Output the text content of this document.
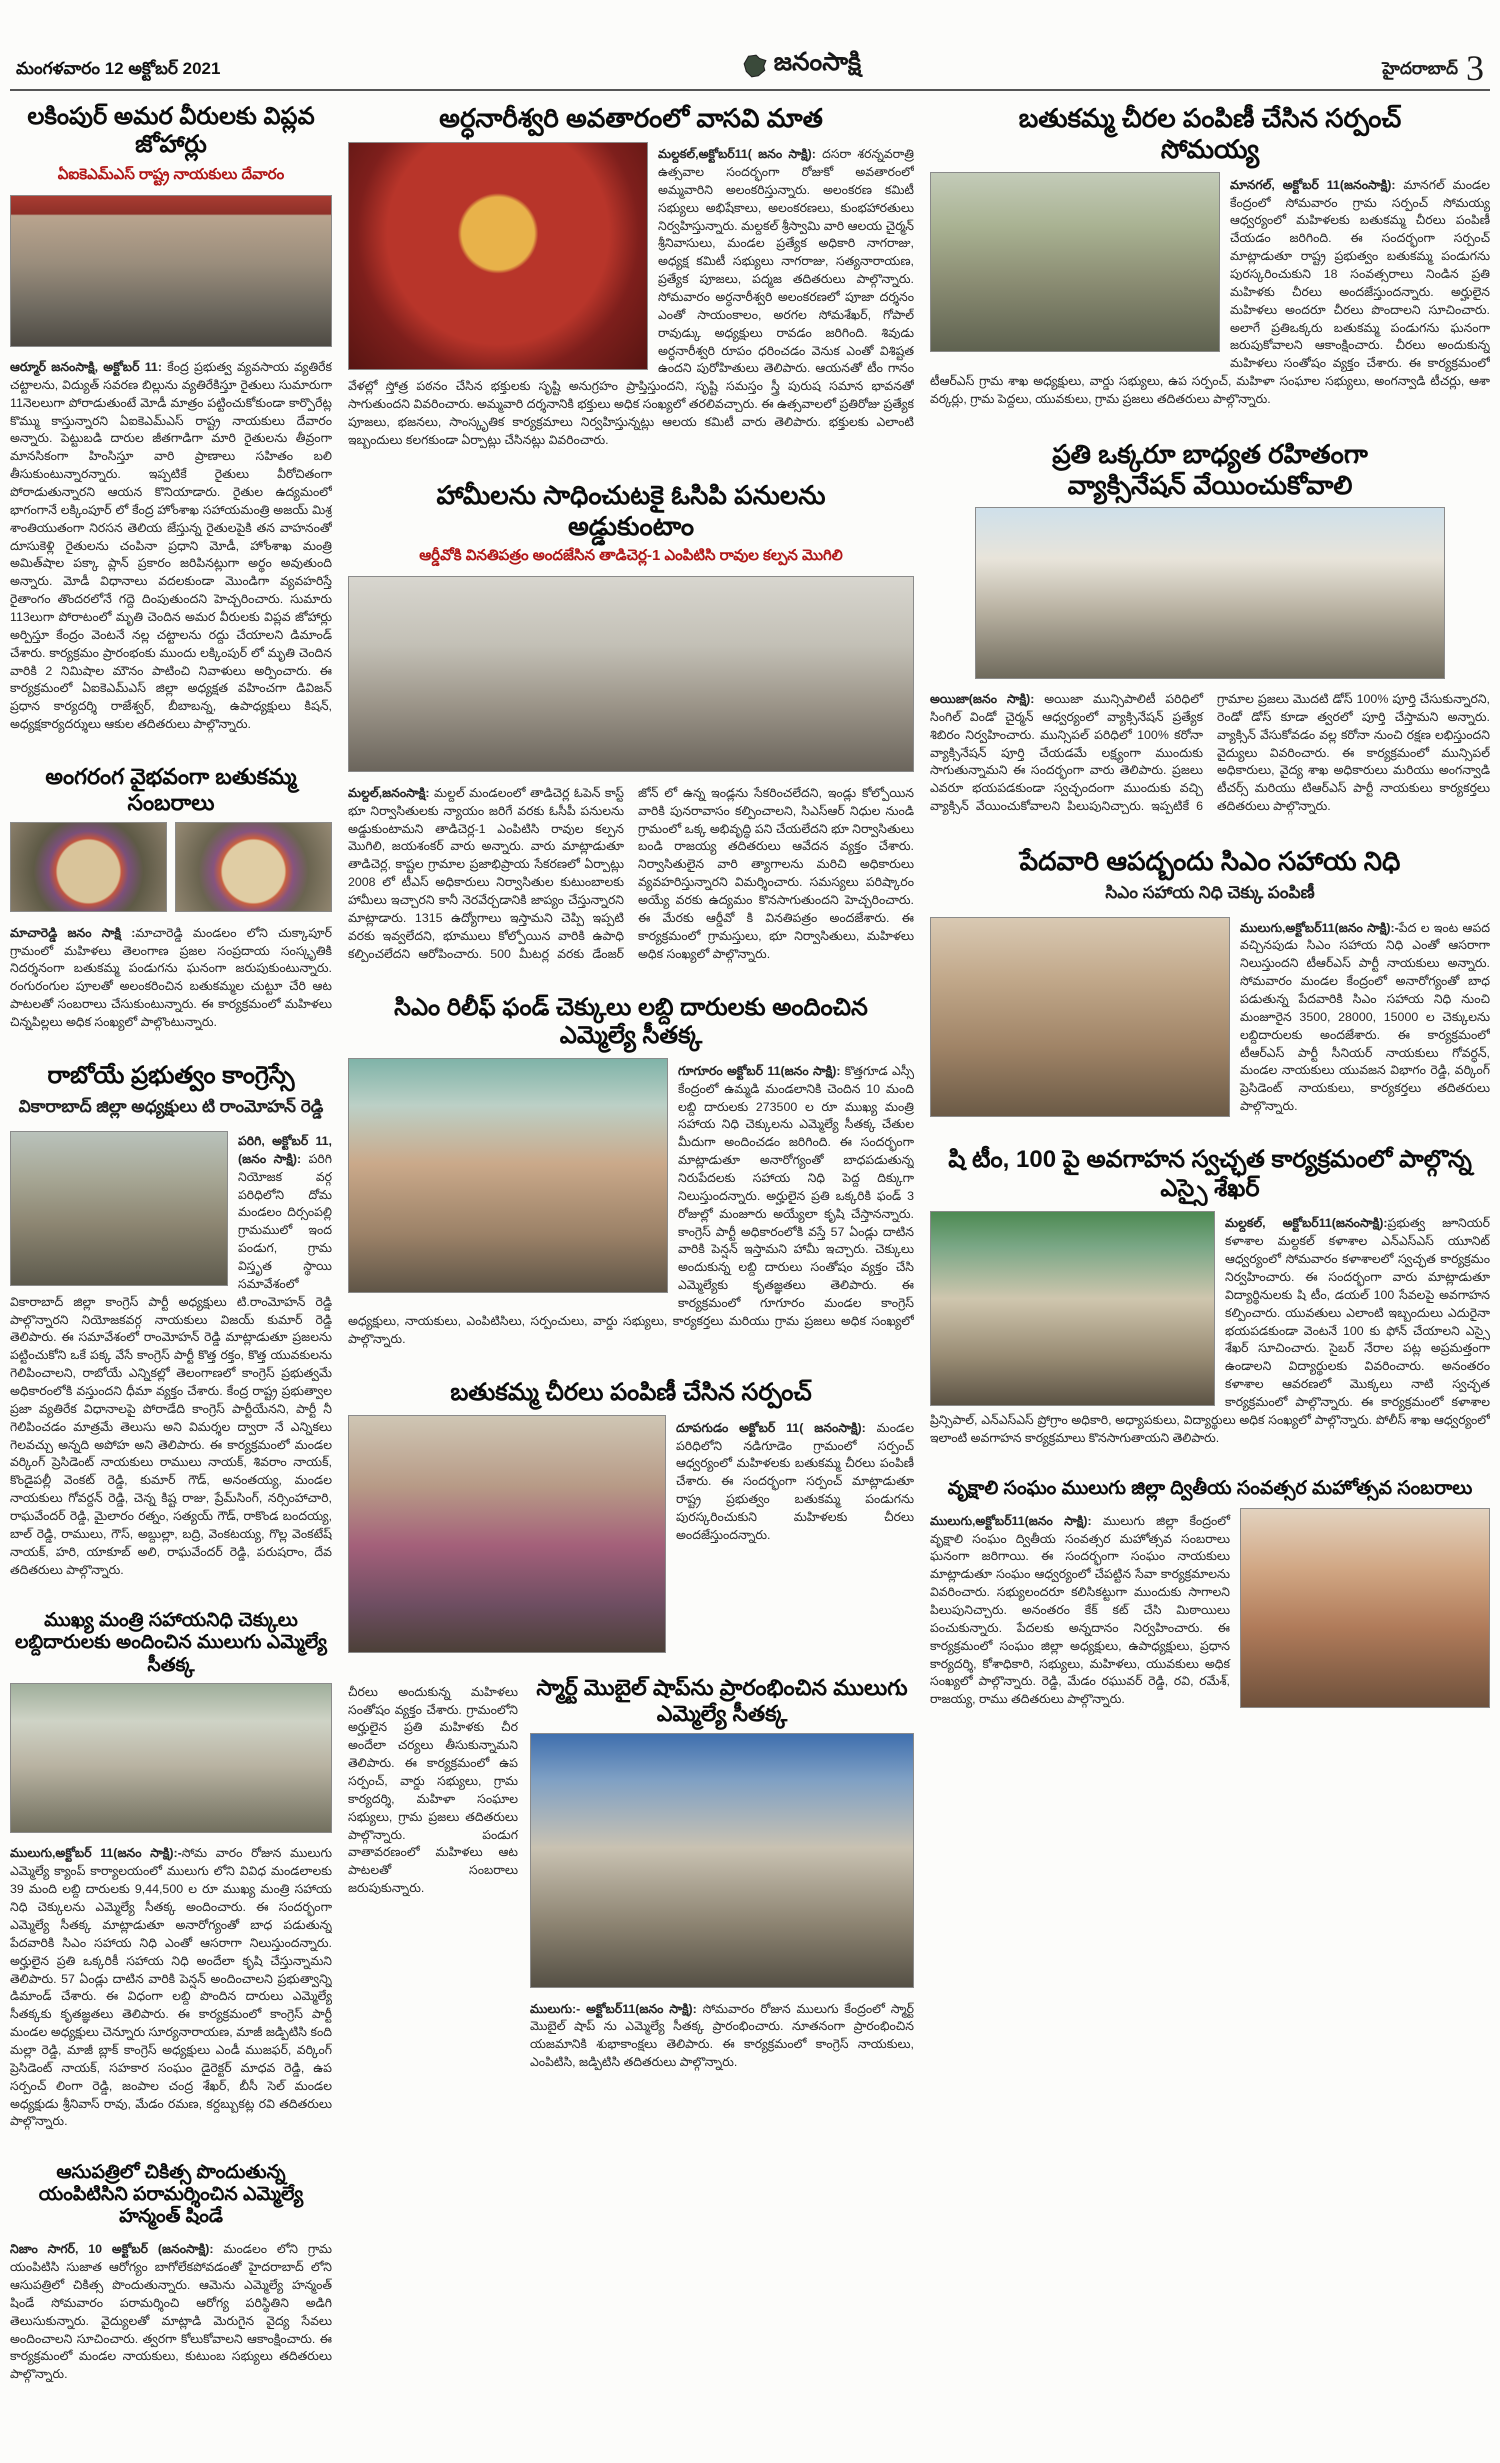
మంగళవారం 12 అక్టోబర్ 2021	జనంసాక్షి	హైదరాబాద్ 3
లకింపుర్ అమర వీరులకు విప్లవ జోహార్లు

ఏఐకెఎమ్ఎస్ రాష్ట్ర నాయకులు దేవారం

ఆర్మూర్ జనంసాక్షి, అక్టోబర్ 11: కేంద్ర ప్రభుత్వ వ్యవసాయ వ్యతిరేక చట్టాలను, విద్యుత్ సవరణ బిల్లును వ్యతిరేకిస్తూ రైతులు సుమారుగా 11నెలలుగా పోరాడుతుంటే మోడీ మాత్రం పట్టించుకోకుండా కార్పొరేట్ల కొమ్ము కాస్తున్నారని ఏఐకెఎమ్ఎస్ రాష్ట్ర నాయకులు దేవారం అన్నారు. పెట్టుబడి దారుల జీతగాడిగా మారి రైతులను తీవ్రంగా మానసికంగా హింసిస్తూ వారి ప్రాణాలు సహితం బలి తీసుకుంటున్నారన్నారు. ఇప్పటికే రైతులు వీరోచితంగా పోరాడుతున్నారని ఆయన కొనియాడారు. రైతుల ఉద్యమంలో భాగంగానే లక్కింపూర్ లో కేంద్ర హోంశాఖ సహాయమంత్రి అజయ్ మిశ్ర శాంతియుతంగా నిరసన తెలియ జేస్తున్న రైతులపైకి తన వాహనంతో దూసుకెళ్లి రైతులను చంపినా ప్రధాని మోడీ, హోంశాఖ మంత్రి అమిత్‌షాల పక్కా ప్లాన్ ప్రకారం జరిపినట్లుగా అర్థం అవుతుంది అన్నారు. మోడీ విధానాలు వదలకుండా మొండిగా వ్యవహరిస్తే రైతాంగం తొందరలోనే గద్దె దింపుతుందని హెచ్చరించారు. సుమారు 113లుగా పోరాటంలో మృతి చెందిన అమర వీరులకు విప్లవ జోహార్లు అర్పిస్తూ కేంద్రం వెంటనే నల్ల చట్టాలను రద్దు చేయాలని డిమాండ్ చేశారు. కార్యక్రమం ప్రారంభంకు ముందు లక్కింపుర్ లో మృతి చెందిన వారికి 2 నిమిషాల మౌనం పాటించి నివాళులు అర్పించారు. ఈ కార్యక్రమంలో ఏఐకెఎమ్ఎస్ జిల్లా అధ్యక్షత వహించగా డివిజన్ ప్రధాన కార్యదర్శి రాజేశ్వర్, బీబాబన్న, ఉపాధ్యక్షులు కిషన్, అధ్యక్షకార్యదర్శులు ఆకుల తదితరులు పాల్గొన్నారు.

అంగరంగ వైభవంగా బతుకమ్మ సంబరాలు

మాచారెడ్డి జనం సాక్షి :మాచారెడ్డి మండలం లోని చుక్కాపూర్ గ్రామంలో మహిళలు తెలంగాణ ప్రజల సంప్రదాయ సంస్కృతికి నిదర్శనంగా బతుకమ్మ పండుగను ఘనంగా జరుపుకుంటున్నారు. రంగురంగుల పూలతో అలంకరించిన బతుకమ్మల చుట్టూ చేరి ఆట పాటలతో సంబరాలు చేసుకుంటున్నారు. ఈ కార్యక్రమంలో మహిళలు చిన్నపిల్లలు అధిక సంఖ్యలో పాల్గొంటున్నారు.

రాబోయే ప్రభుత్వం కాంగ్రెస్సే

వికారాబాద్ జిల్లా అధ్యక్షులు టి రాంమోహన్ రెడ్డి

పరిగి, అక్టోబర్ 11, (జనం సాక్షి): పరిగి నియోజక వర్గ పరిధిలోని దోమ మండలం దిర్సంపల్లి గ్రామములో ఇంద పండుగ, గ్రామ విస్తృత స్థాయి సమావేశంలో వికారాబాద్ జిల్లా కాంగ్రెస్ పార్టీ అధ్యక్షులు టి.రాంమోహన్ రెడ్డి పాల్గొన్నారని నియోజకవర్గ నాయకులు విజయ్ కుమార్ రెడ్డి తెలిపారు. ఈ సమావేశంలో రాంమోహన్ రెడ్డి మాట్లాడుతూ ప్రజలను పట్టించుకోని ఒకే పక్క వేసే కాంగ్రెస్ పార్టీ కొత్త రక్తం, కొత్త యువకులను గెలిపించాలని, రాబోయే ఎన్నికల్లో తెలంగాణలో కాంగ్రెస్ ప్రభుత్వమే అధికారంలోకి వస్తుందని ధీమా వ్యక్తం చేశారు. కేంద్ర రాష్ట్ర ప్రభుత్వాల ప్రజా వ్యతిరేక విధానాలపై పోరాడేది కాంగ్రెస్ పార్టీయేనని, పార్టీ నీ గెలిపించడం మాత్రమే తెలుసు అని విమర్శల ద్వారా నే ఎన్నికలు గెలవచ్చు అన్నది అపోహ అని తెలిపారు. ఈ కార్యక్రమంలో మండల వర్కింగ్ ప్రెసిడెంట్ నాయకులు రాములు నాయక్, శివరాం నాయక్, కొండైపల్లీ వెంకట్ రెడ్డి, కుమార్ గౌడ్, అనంతయ్య, మండల నాయకులు గోవర్దన్ రెడ్డి, చెన్న కిష్ట రాజు, ప్రేమ్‌సింగ్, నర్సింహాచారి, రాఘవేందర్ రెడ్డి, మైలారం రత్నం, సత్యయ్ గౌడ్, రాకొండ బందయ్య, బాల్ రెడ్డి, రాములు, గౌస్, అబ్దుల్లా, బద్రి, వెంకటయ్య, గొల్ల వెంకటేష్ నాయక్, హరి, యాకూబ్ అలి, రాఘవేందర్ రెడ్డి, పరుషరాం, దేవ తదితరులు పాల్గొన్నారు.

ముఖ్య మంత్రి సహాయనిధి చెక్కులు లబ్దిదారులకు అందించిన ములుగు ఎమ్మెల్యే సీతక్క

ములుగు,అక్టోబర్ 11(జనం సాక్షి):-సోమ వారం రోజున ములుగు ఎమ్మెల్యే క్యాంప్ కార్యాలయంలో ములుగు లోని వివిధ మండలాలకు 39 మంది లబ్ది దారులకు 9,44,500 ల రూ ముఖ్య మంత్రి సహాయ నిధి చెక్కులను ఎమ్మెల్యే సీతక్క అందించారు. ఈ సందర్భంగా ఎమ్మెల్యే సీతక్క మాట్లాడుతూ అనారోగ్యంతో బాధ పడుతున్న పేదవారికి సిఎం సహాయ నిధి ఎంతో ఆసరాగా నిలుస్తుందన్నారు. అర్హులైన ప్రతి ఒక్కరికీ సహాయ నిధి అందేలా కృషి చేస్తున్నామని తెలిపారు. 57 ఏండ్లు దాటిన వారికి పెన్షన్ అందించాలని ప్రభుత్వాన్ని డిమాండ్ చేశారు. ఈ విధంగా లబ్ది పొందిన దారులు ఎమ్మెల్యే సీతక్కకు కృతజ్ఞతలు తెలిపారు. ఈ కార్యక్రమంలో కాంగ్రెస్ పార్టీ మండల అధ్యక్షులు చెన్నూరు సూర్యనారాయణ, మాజీ జడ్పిటిసి కంది మల్లా రెడ్డి, మాజీ బ్లాక్ కాంగ్రెస్ అధ్యక్షులు ఎండీ ముజఫర్, వర్కింగ్ ప్రెసిడెంట్ నాయక్, సహకార సంఘం డైరెక్టర్ మాధవ రెడ్డి, ఉప సర్పంచ్ లింగా రెడ్డి, జంపాల చంద్ర శేఖర్, బీసీ సెల్ మండల అధ్యక్షుడు శ్రీనివాస్ రావు, మేడం రమణ, కర్దబ్బుకట్ల రవి తదితరులు పాల్గొన్నారు.

ఆసుపత్రిలో చికిత్స పొందుతున్న యంపిటిసిని పరామర్శించిన ఎమ్మెల్యే హన్మంత్ షిండే

నిజాం సాగర్, 10 అక్టోబర్ (జనంసాక్షి): మండలం లోని గ్రామ యంపిటిసి సుజాత ఆరోగ్యం బాగోలేకపోవడంతో హైదరాబాద్ లోని ఆసుపత్రిలో చికిత్స పొందుతున్నారు. ఆమెను ఎమ్మెల్యే హన్మంత్ షిండే సోమవారం పరామర్శించి ఆరోగ్య పరిస్థితిని అడిగి తెలుసుకున్నారు. వైద్యులతో మాట్లాడి మెరుగైన వైద్య సేవలు అందించాలని సూచించారు. త్వరగా కోలుకోవాలని ఆకాంక్షించారు. ఈ కార్యక్రమంలో మండల నాయకులు, కుటుంబ సభ్యులు తదితరులు పాల్గొన్నారు.

అర్ధనారీశ్వరి అవతారంలో వాసవి మాత

మల్దకల్,అక్టోబర్11( జనం సాక్షి): దసరా శరన్నవరాత్రి ఉత్సవాల సందర్భంగా రోజుకో అవతారంలో అమ్మవారిని అలంకరిస్తున్నారు. అలంకరణ కమిటీ సభ్యులు అభిషేకాలు, అలంకరణలు, కుంభహారతులు నిర్వహిస్తున్నారు. మల్దకల్ శ్రీస్వామి వారి ఆలయ చైర్మన్ శ్రీనివాసులు, మండల ప్రత్యేక అధికారి నాగరాజు, అధ్యక్ష కమిటీ సభ్యులు నాగరాజు, సత్యనారాయణ, ప్రత్యేక పూజలు, పద్మజ తదితరులు పాల్గొన్నారు. సోమవారం అర్ధనారీశ్వరి అలంకరణలో పూజా దర్శనం ఎంతో సాయంకాలం, అరగల సోమశేఖర్, గోపాల్ రావుడ్కు అధ్యక్షులు రావడం జరిగింది. శివుడు అర్ధనారీశ్వరి రూపం ధరించడం వెనుక ఎంతో విశిష్టత ఉందని పురోహితులు తెలిపారు. ఆయనతో టీం గానం వేళల్లో స్తోత్ర పఠనం చేసిన భక్తులకు సృష్టి అనుగ్రహం ప్రాప్తిస్తుందని, సృష్టి సమస్తం స్త్రీ పురుష సమాన భావనతో సాగుతుందని వివరించారు. అమ్మవారి దర్శనానికి భక్తులు అధిక సంఖ్యలో తరలివచ్చారు. ఈ ఉత్సవాలలో ప్రతిరోజు ప్రత్యేక పూజలు, భజనలు, సాంస్కృతిక కార్యక్రమాలు నిర్వహిస్తున్నట్లు ఆలయ కమిటీ వారు తెలిపారు. భక్తులకు ఎలాంటి ఇబ్బందులు కలగకుండా ఏర్పాట్లు చేసినట్లు వివరించారు.

హామీలను సాధించుటకై ఓసిపి పనులను అడ్డుకుంటాం

ఆర్డీవోకి వినతిపత్రం అందజేసిన తాడిచెర్ల-1 ఎంపిటిసి రావుల కల్పన మొగిలి

మల్దల్,జనంసాక్షి: మల్దల్ మండలంలో తాడిచెర్ల ఓపెన్ కాస్ట్ భూ నిర్వాసితులకు న్యాయం జరిగే వరకు ఓసీపీ పనులను అడ్డుకుంటామని తాడిచెర్ల-1 ఎంపిటిసి రావుల కల్పన మొగిలి, జయశంకర్ వారు అన్నారు. వారు మాట్లాడుతూ తాడిచెర్ల, కాష్టల గ్రామాల ప్రజాభిప్రాయ సేకరణలో ఏర్పాట్లు 2008 లో టీఎస్ అధికారులు నిర్వాసితుల కుటుంబాలకు హామీలు ఇచ్చారని కానీ నెరవేర్చడానికి జాప్యం చేస్తున్నారని మాట్లాడారు. 1315 ఉద్యోగాలు ఇస్తామని చెప్పి ఇప్పటి వరకు ఇవ్వలేదని, భూములు కోల్పోయిన వారికి ఉపాధి కల్పించలేదని ఆరోపించారు. 500 మీటర్ల వరకు డేంజర్ జోన్ లో ఉన్న ఇండ్లను సేకరించలేదని, ఇండ్లు కోల్పోయిన వారికి పునరావాసం కల్పించాలని, సిఎస్ఆర్ నిధుల నుండి గ్రామంలో ఒక్క అభివృద్ధి పని చేయలేదని భూ నిర్వాసితులు బండి రాజయ్య తదితరులు ఆవేదన వ్యక్తం చేశారు. నిర్వాసితులైన వారి త్యాగాలను మరిచి అధికారులు వ్యవహరిస్తున్నారని విమర్శించారు. సమస్యలు పరిష్కారం అయ్యే వరకు ఉద్యమం కొనసాగుతుందని హెచ్చరించారు. ఈ మేరకు ఆర్డీవో కి వినతిపత్రం అందజేశారు. ఈ కార్యక్రమంలో గ్రామస్తులు, భూ నిర్వాసితులు, మహిళలు అధిక సంఖ్యలో పాల్గొన్నారు.

సిఎం రిలీఫ్ ఫండ్ చెక్కులు లబ్ది దారులకు అందించిన ఎమ్మెల్యే సీతక్క

గూగూరం అక్టోబర్ 11(జనం సాక్షి): కొత్తగూడ ఎస్సీ కేంద్రంలో ఉమ్మడి మండలానికి చెందిన 10 మంది లబ్ది దారులకు 273500 ల రూ ముఖ్య మంత్రి సహాయ నిధి చెక్కులను ఎమ్మెల్యే సీతక్క చేతుల మీదుగా అందించడం జరిగింది. ఈ సందర్భంగా మాట్లాడుతూ అనారోగ్యంతో బాధపడుతున్న నిరుపేదలకు సహాయ నిధి పెద్ద దిక్కుగా నిలుస్తుందన్నారు. అర్హులైన ప్రతి ఒక్కరికి ఫండ్ 3 రోజుల్లో మంజూరు అయ్యేలా కృషి చేస్తానన్నారు. కాంగ్రెస్ పార్టీ అధికారంలోకి వస్తే 57 ఏండ్లు దాటిన వారికి పెన్షన్ ఇస్తామని హామీ ఇచ్చారు. చెక్కులు అందుకున్న లబ్ది దారులు సంతోషం వ్యక్తం చేసి ఎమ్మెల్యేకు కృతజ్ఞతలు తెలిపారు. ఈ కార్యక్రమంలో గూగూరం మండల కాంగ్రెస్ అధ్యక్షులు, నాయకులు, ఎంపిటిసిలు, సర్పంచులు, వార్డు సభ్యులు, కార్యకర్తలు మరియు గ్రామ ప్రజలు అధిక సంఖ్యలో పాల్గొన్నారు.

బతుకమ్మ చీరలు పంపిణీ చేసిన సర్పంచ్

దూపగుడం అక్టోబర్ 11( జనంసాక్షి): మండల పరిధిలోని నడిగూడెం గ్రామంలో సర్పంచ్ ఆధ్వర్యంలో మహిళలకు బతుకమ్మ చీరలు పంపిణీ చేశారు. ఈ సందర్భంగా సర్పంచ్ మాట్లాడుతూ రాష్ట్ర ప్రభుత్వం బతుకమ్మ పండుగను పురస్కరించుకుని మహిళలకు చీరలు అందజేస్తుందన్నారు.

చీరలు అందుకున్న మహిళలు సంతోషం వ్యక్తం చేశారు. గ్రామంలోని అర్హులైన ప్రతి మహిళకు చీర అందేలా చర్యలు తీసుకున్నామని తెలిపారు. ఈ కార్యక్రమంలో ఉప సర్పంచ్, వార్డు సభ్యులు, గ్రామ కార్యదర్శి, మహిళా సంఘాల సభ్యులు, గ్రామ ప్రజలు తదితరులు పాల్గొన్నారు. పండుగ వాతావరణంలో మహిళలు ఆట పాటలతో సంబరాలు జరుపుకున్నారు.

స్మార్ట్ మొబైల్ షాప్‌ను ప్రారంభించిన ములుగు ఎమ్మెల్యే సీతక్క

ములుగు:- అక్టోబర్11(జనం సాక్షి): సోమవారం రోజున ములుగు కేంద్రంలో స్మార్ట్ మొబైల్ షాప్ ను ఎమ్మెల్యే సీతక్క ప్రారంభించారు. నూతనంగా ప్రారంభించిన యజమానికి శుభాకాంక్షలు తెలిపారు. ఈ కార్యక్రమంలో కాంగ్రెస్ నాయకులు, ఎంపిటిసి, జడ్పిటిసి తదితరులు పాల్గొన్నారు.

బతుకమ్మ చీరల పంపిణీ చేసిన సర్పంచ్ సోమయ్య

మానగల్, అక్టోబర్ 11(జనంసాక్షి): మానగల్ మండల కేంద్రంలో సోమవారం గ్రామ సర్పంచ్ సోమయ్య ఆధ్వర్యంలో మహిళలకు బతుకమ్మ చీరలు పంపిణీ చేయడం జరిగింది. ఈ సందర్భంగా సర్పంచ్ మాట్లాడుతూ రాష్ట్ర ప్రభుత్వం బతుకమ్మ పండుగను పురస్కరించుకుని 18 సంవత్సరాలు నిండిన ప్రతి మహిళకు చీరలు అందజేస్తుందన్నారు. అర్హులైన మహిళలు అందరూ చీరలు పొందాలని సూచించారు. అలాగే ప్రతిఒక్కరు బతుకమ్మ పండుగను ఘనంగా జరుపుకోవాలని ఆకాంక్షించారు. చీరలు అందుకున్న మహిళలు సంతోషం వ్యక్తం చేశారు. ఈ కార్యక్రమంలో టీఆర్ఎస్ గ్రామ శాఖ అధ్యక్షులు, వార్డు సభ్యులు, ఉప సర్పంచ్, మహిళా సంఘాల సభ్యులు, అంగన్వాడి టీచర్లు, ఆశా వర్కర్లు, గ్రామ పెద్దలు, యువకులు, గ్రామ ప్రజలు తదితరులు పాల్గొన్నారు.

ప్రతి ఒక్కరూ బాధ్యత రహితంగా వ్యాక్సినేషన్ వేయించుకోవాలి

అయిజా(జనం సాక్షి): అయిజా మున్సిపాలిటీ పరిధిలో సింగిల్ విండో చైర్మన్ ఆధ్వర్యంలో వ్యాక్సినేషన్ ప్రత్యేక శిబిరం నిర్వహించారు. మున్సిపల్ పరిధిలో 100% కరోనా వ్యాక్సినేషన్ పూర్తి చేయడమే లక్ష్యంగా ముందుకు సాగుతున్నామని ఈ సందర్భంగా వారు తెలిపారు. ప్రజలు ఎవరూ భయపడకుండా స్వచ్ఛందంగా ముందుకు వచ్చి వ్యాక్సిన్ వేయించుకోవాలని పిలుపునిచ్చారు. ఇప్పటికే 6 గ్రామాల ప్రజలు మొదటి డోస్ 100% పూర్తి చేసుకున్నారని, రెండో డోస్ కూడా త్వరలో పూర్తి చేస్తామని అన్నారు. వ్యాక్సిన్ వేసుకోవడం వల్ల కరోనా నుంచి రక్షణ లభిస్తుందని వైద్యులు వివరించారు. ఈ కార్యక్రమంలో మున్సిపల్ అధికారులు, వైద్య శాఖ అధికారులు మరియు అంగన్వాడి టీచర్స్ మరియు టిఆర్ఎస్ పార్టీ నాయకులు కార్యకర్తలు తదితరులు పాల్గొన్నారు.

పేదవారి ఆపద్బందు సిఎం సహాయ నిధి

సిఎం సహాయ నిధి చెక్కు పంపిణీ

ములుగు,అక్టోబర్11(జనం సాక్షి):-పేద ల ఇంట ఆపద వచ్చినపుడు సిఎం సహాయ నిధి ఎంతో ఆసరాగా నిలుస్తుందని టీఆర్ఎస్ పార్టీ నాయకులు అన్నారు. సోమవారం మండల కేంద్రంలో అనారోగ్యంతో బాధ పడుతున్న పేదవారికి సిఎం సహాయ నిధి నుంచి మంజూరైన 3500, 28000, 15000 ల చెక్కులను లబ్దిదారులకు అందజేశారు. ఈ కార్యక్రమంలో టీఆర్ఎస్ పార్టీ సీనియర్ నాయకులు గోవర్ధన్, మండల నాయకులు యువజన విభాగం రెడ్డి, వర్కింగ్ ప్రెసిడెంట్ నాయకులు, కార్యకర్తలు తదితరులు పాల్గొన్నారు.

షి టీం, 100 పై అవగాహన స్వచ్ఛత కార్యక్రమంలో పాల్గొన్న ఎస్సై శేఖర్

మల్దకల్, అక్టోబర్11(జనంసాక్షి):ప్రభుత్వ జూనియర్ కళాశాల మల్దకల్ కళాశాల ఎన్ఎస్ఎస్ యూనిట్ ఆధ్వర్యంలో సోమవారం కళాశాలలో స్వచ్ఛత కార్యక్రమం నిర్వహించారు. ఈ సందర్భంగా వారు మాట్లాడుతూ విద్యార్థినులకు షి టీం, డయల్ 100 సేవలపై అవగాహన కల్పించారు. యువతులు ఎలాంటి ఇబ్బందులు ఎదురైనా భయపడకుండా వెంటనే 100 కు ఫోన్ చేయాలని ఎస్సై శేఖర్ సూచించారు. సైబర్ నేరాల పట్ల అప్రమత్తంగా ఉండాలని విద్యార్థులకు వివరించారు. అనంతరం కళాశాల ఆవరణలో మొక్కలు నాటి స్వచ్ఛత కార్యక్రమంలో పాల్గొన్నారు. ఈ కార్యక్రమంలో కళాశాల ప్రిన్సిపాల్, ఎన్ఎస్ఎస్ ప్రోగ్రాం అధికారి, అధ్యాపకులు, విద్యార్థులు అధిక సంఖ్యలో పాల్గొన్నారు. పోలీస్ శాఖ ఆధ్వర్యంలో ఇలాంటి అవగాహన కార్యక్రమాలు కొనసాగుతాయని తెలిపారు.

వృక్షాలి సంఘం ములుగు జిల్లా ద్వితీయ సంవత్సర మహోత్సవ సంబరాలు

ములుగు,అక్టోబర్11(జనం సాక్షి): ములుగు జిల్లా కేంద్రంలో వృక్షాలి సంఘం ద్వితీయ సంవత్సర మహోత్సవ సంబరాలు ఘనంగా జరిగాయి. ఈ సందర్భంగా సంఘం నాయకులు మాట్లాడుతూ సంఘం ఆధ్వర్యంలో చేపట్టిన సేవా కార్యక్రమాలను వివరించారు. సభ్యులందరూ కలిసికట్టుగా ముందుకు సాగాలని పిలుపునిచ్చారు. అనంతరం కేక్ కట్ చేసి మిఠాయిలు పంచుకున్నారు. పేదలకు అన్నదానం నిర్వహించారు. ఈ కార్యక్రమంలో సంఘం జిల్లా అధ్యక్షులు, ఉపాధ్యక్షులు, ప్రధాన కార్యదర్శి, కోశాధికారి, సభ్యులు, మహిళలు, యువకులు అధిక సంఖ్యలో పాల్గొన్నారు. రెడ్డి, మేడం రఘువర్ రెడ్డి, రవి, రమేశ్, రాజయ్య, రాము తదితరులు పాల్గొన్నారు.
